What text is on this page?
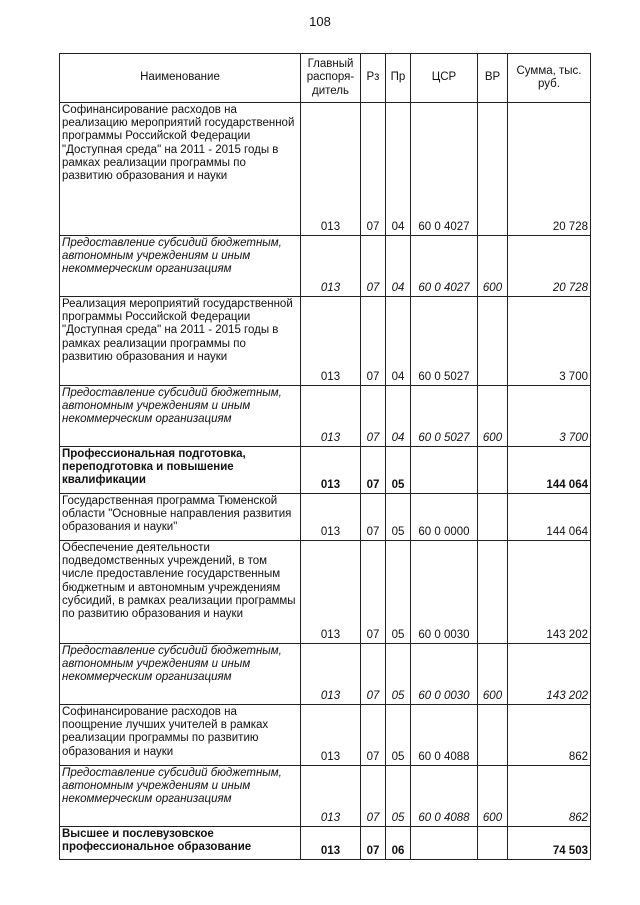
108
Наименование	Главный распоря-дитель	Рз	Пр	ЦСР	ВР	Сумма, тыс. руб.
Софинансирование расходов на реализацию мероприятий государственной программы Российской Федерации "Доступная среда" на 2011 - 2015 годы в рамках реализации программы по развитию образования и науки	013	07	04	60 0 4027		20 728
Предоставление субсидий бюджетным, автономным учреждениям и иным некоммерческим организациям	013	07	04	60 0 4027	600	20 728
Реализация мероприятий государственной программы Российской Федерации "Доступная среда" на 2011 - 2015 годы в рамках реализации программы по развитию образования и науки	013	07	04	60 0 5027		3 700
Предоставление субсидий бюджетным, автономным учреждениям и иным некоммерческим организациям	013	07	04	60 0 5027	600	3 700
Профессиональная подготовка, переподготовка и повышение квалификации	013	07	05			144 064
Государственная программа Тюменской области "Основные направления развития образования и науки"	013	07	05	60 0 0000		144 064
Обеспечение деятельности подведомственных учреждений, в том числе предоставление государственным бюджетным и автономным учреждениям субсидий, в рамках реализации программы по развитию образования и науки	013	07	05	60 0 0030		143 202
Предоставление субсидий бюджетным, автономным учреждениям и иным некоммерческим организациям	013	07	05	60 0 0030	600	143 202
Софинансирование расходов на поощрение лучших учителей в рамках реализации программы по развитию образования и науки	013	07	05	60 0 4088		862
Предоставление субсидий бюджетным, автономным учреждениям и иным некоммерческим организациям	013	07	05	60 0 4088	600	862
Высшее и послевузовское профессиональное образование	013	07	06			74 503
